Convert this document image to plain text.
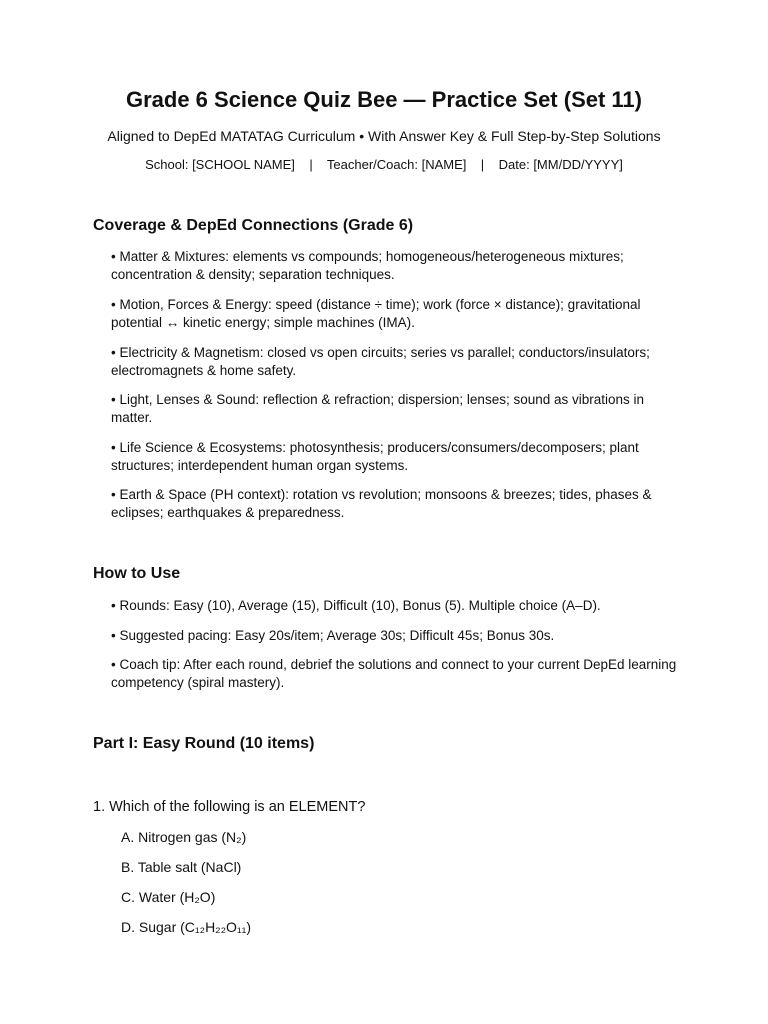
Grade 6 Science Quiz Bee — Practice Set (Set 11)
Aligned to DepEd MATATAG Curriculum • With Answer Key & Full Step-by-Step Solutions
School: [SCHOOL NAME]    |    Teacher/Coach: [NAME]    |    Date: [MM/DD/YYYY]
Coverage & DepEd Connections (Grade 6)
• Matter & Mixtures: elements vs compounds; homogeneous/heterogeneous mixtures; concentration & density; separation techniques.
• Motion, Forces & Energy: speed (distance ÷ time); work (force × distance); gravitational potential ↔ kinetic energy; simple machines (IMA).
• Electricity & Magnetism: closed vs open circuits; series vs parallel; conductors/insulators; electromagnets & home safety.
• Light, Lenses & Sound: reflection & refraction; dispersion; lenses; sound as vibrations in matter.
• Life Science & Ecosystems: photosynthesis; producers/consumers/decomposers; plant structures; interdependent human organ systems.
• Earth & Space (PH context): rotation vs revolution; monsoons & breezes; tides, phases & eclipses; earthquakes & preparedness.
How to Use
• Rounds: Easy (10), Average (15), Difficult (10), Bonus (5). Multiple choice (A–D).
• Suggested pacing: Easy 20s/item; Average 30s; Difficult 45s; Bonus 30s.
• Coach tip: After each round, debrief the solutions and connect to your current DepEd learning competency (spiral mastery).
Part I: Easy Round (10 items)
1. Which of the following is an ELEMENT?
A. Nitrogen gas (N₂)
B. Table salt (NaCl)
C. Water (H₂O)
D. Sugar (C₁₂H₂₂O₁₁)
